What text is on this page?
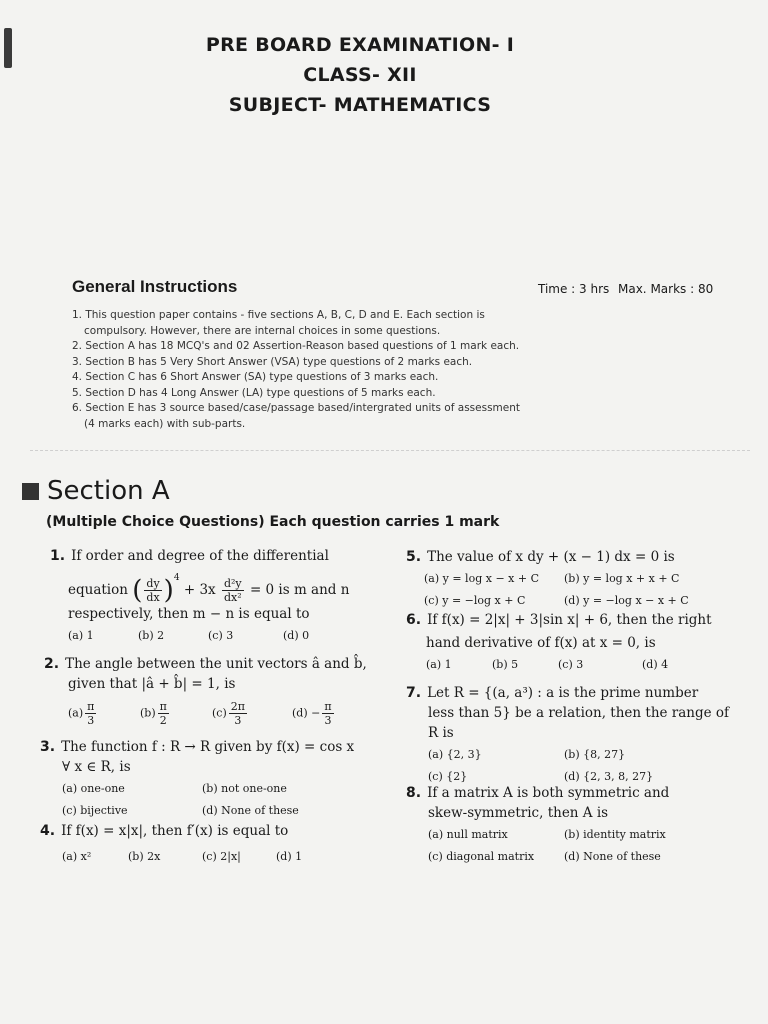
PRE BOARD EXAMINATION- I
CLASS- XII
SUBJECT- MATHEMATICS
General Instructions	Time : 3 hrs Max. Marks : 80
1. This question paper contains - five sections A, B, C, D and E. Each section is
compulsory. However, there are internal choices in some questions.
2. Section A has 18 MCQ's and 02 Assertion-Reason based questions of 1 mark each.
3. Section B has 5 Very Short Answer (VSA) type questions of 2 marks each.
4. Section C has 6 Short Answer (SA) type questions of 3 marks each.
5. Section D has 4 Long Answer (LA) type questions of 5 marks each.
6. Section E has 3 source based/case/passage based/intergrated units of assessment
(4 marks each) with sub-parts.
Section A
(Multiple Choice Questions) Each question carries 1 mark
1. If order and degree of the differential
equation ( $\frac{dy}{dx} )^4 + 3x \frac{\text{d²y}}{\text{dx²}} = 0$ is m and n
respectively, then m − n is equal to
(a) 1	(b) 2	(c) 3	(d) 0
2. The angle between the unit vectors â and b̂,
given that |â + b̂| = 1, is
$(a) \frac{\pi}{3}$	$(b) \frac{\pi}{2}$	$(c) \frac{2\pi}{3}$	$(d) - \frac{\pi}{3}$
3. The function f : R → R given by f(x) = cos x
∀ x ∈ R, is
(a) one-one	(b) not one-one
(c) bijective	(d) None of these
4. If f(x) = x|x|, then f′(x) is equal to
(a) x²	(b) 2x	(c) 2|x|	(d) 1
5. The value of x dy + (x − 1) dx = 0 is
(a) y = log x − x + C	(b) y = log x + x + C
(c) y = −log x + C	(d) y = −log x − x + C
6. If f(x) = 2|x| + 3|sin x| + 6, then the right
hand derivative of f(x) at x = 0, is
(a) 1	(b) 5	(c) 3	(d) 4
7. Let R = {(a, a³) : a is the prime number
less than 5} be a relation, then the range of
R is
(a) {2, 3}	(b) {8, 27}
(c) {2}	(d) {2, 3, 8, 27}
8. If a matrix A is both symmetric and
skew-symmetric, then A is
(a) null matrix	(b) identity matrix
(c) diagonal matrix	(d) None of these
